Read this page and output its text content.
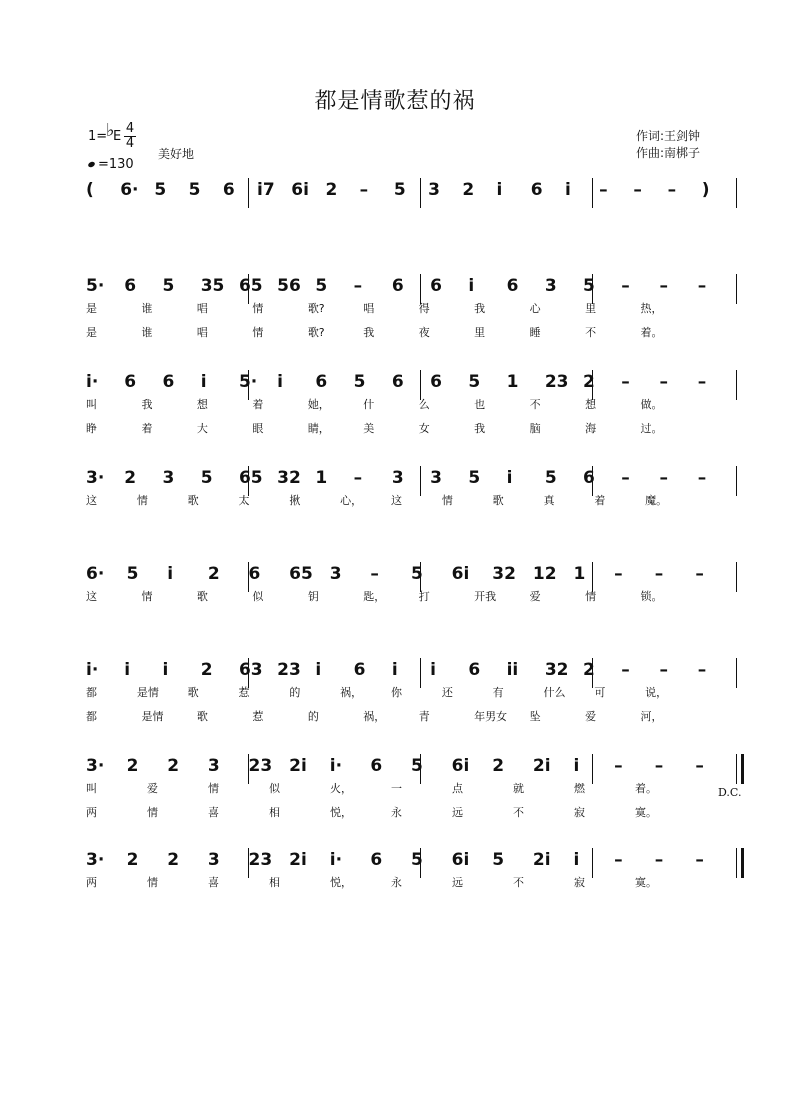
都是情歌惹的祸
1=
♭
E
4
4
=130
美好地
作词:王剑钟
作曲:南梆子
( 6· 5 5 6 i7 6i 2 – 5 3 2 i 6 i – – – )
5· 6 5 35 65 56 5 – 6 6 i 6 3 5 – – –
是	谁	唱	情	歌?	唱	得	我	心	里	热，
是	谁	唱	情	歌?	我	夜	里	睡	不	着。
i· 6 6 i 5· i 6 5 6 6 5 1 23 2 – – –
叫	我	想	着	她，	什	么	也	不	想	做。
睁	着	大	眼	睛，	美	女	我	脑	海	过。
3· 2 3 5 65 32 1 – 3 3 5 i 5 6 – – –
这	情	歌	太	揪	心，	这	情	歌	真	着	魔。
6· 5 i 2 6 65 3 – 5 6i 32 12 1 – – –
这	情	歌	似	钥	匙，	打	开我	爱	情	锁。
i· i i 2 63 23 i 6 i i 6 ii 32 2 – – –
都	是情	歌	惹	的	祸，	你	还	有	什么	可	说，
都	是情	歌	惹	的	祸，	青	年男女 坠	爱	河，
3· 2 2 3 23 2i i· 6 5 6i 2 2i i – – –
叫	爱	情	似	火，	一	点	就	燃	着。
两	情	喜	相	悦，	永	远	不	寂	寞。
3· 2 2 3 23 2i i· 6 5 6i 5 2i i – – –
两	情	喜	相	悦，	永	远	不	寂	寞。
D.C.
